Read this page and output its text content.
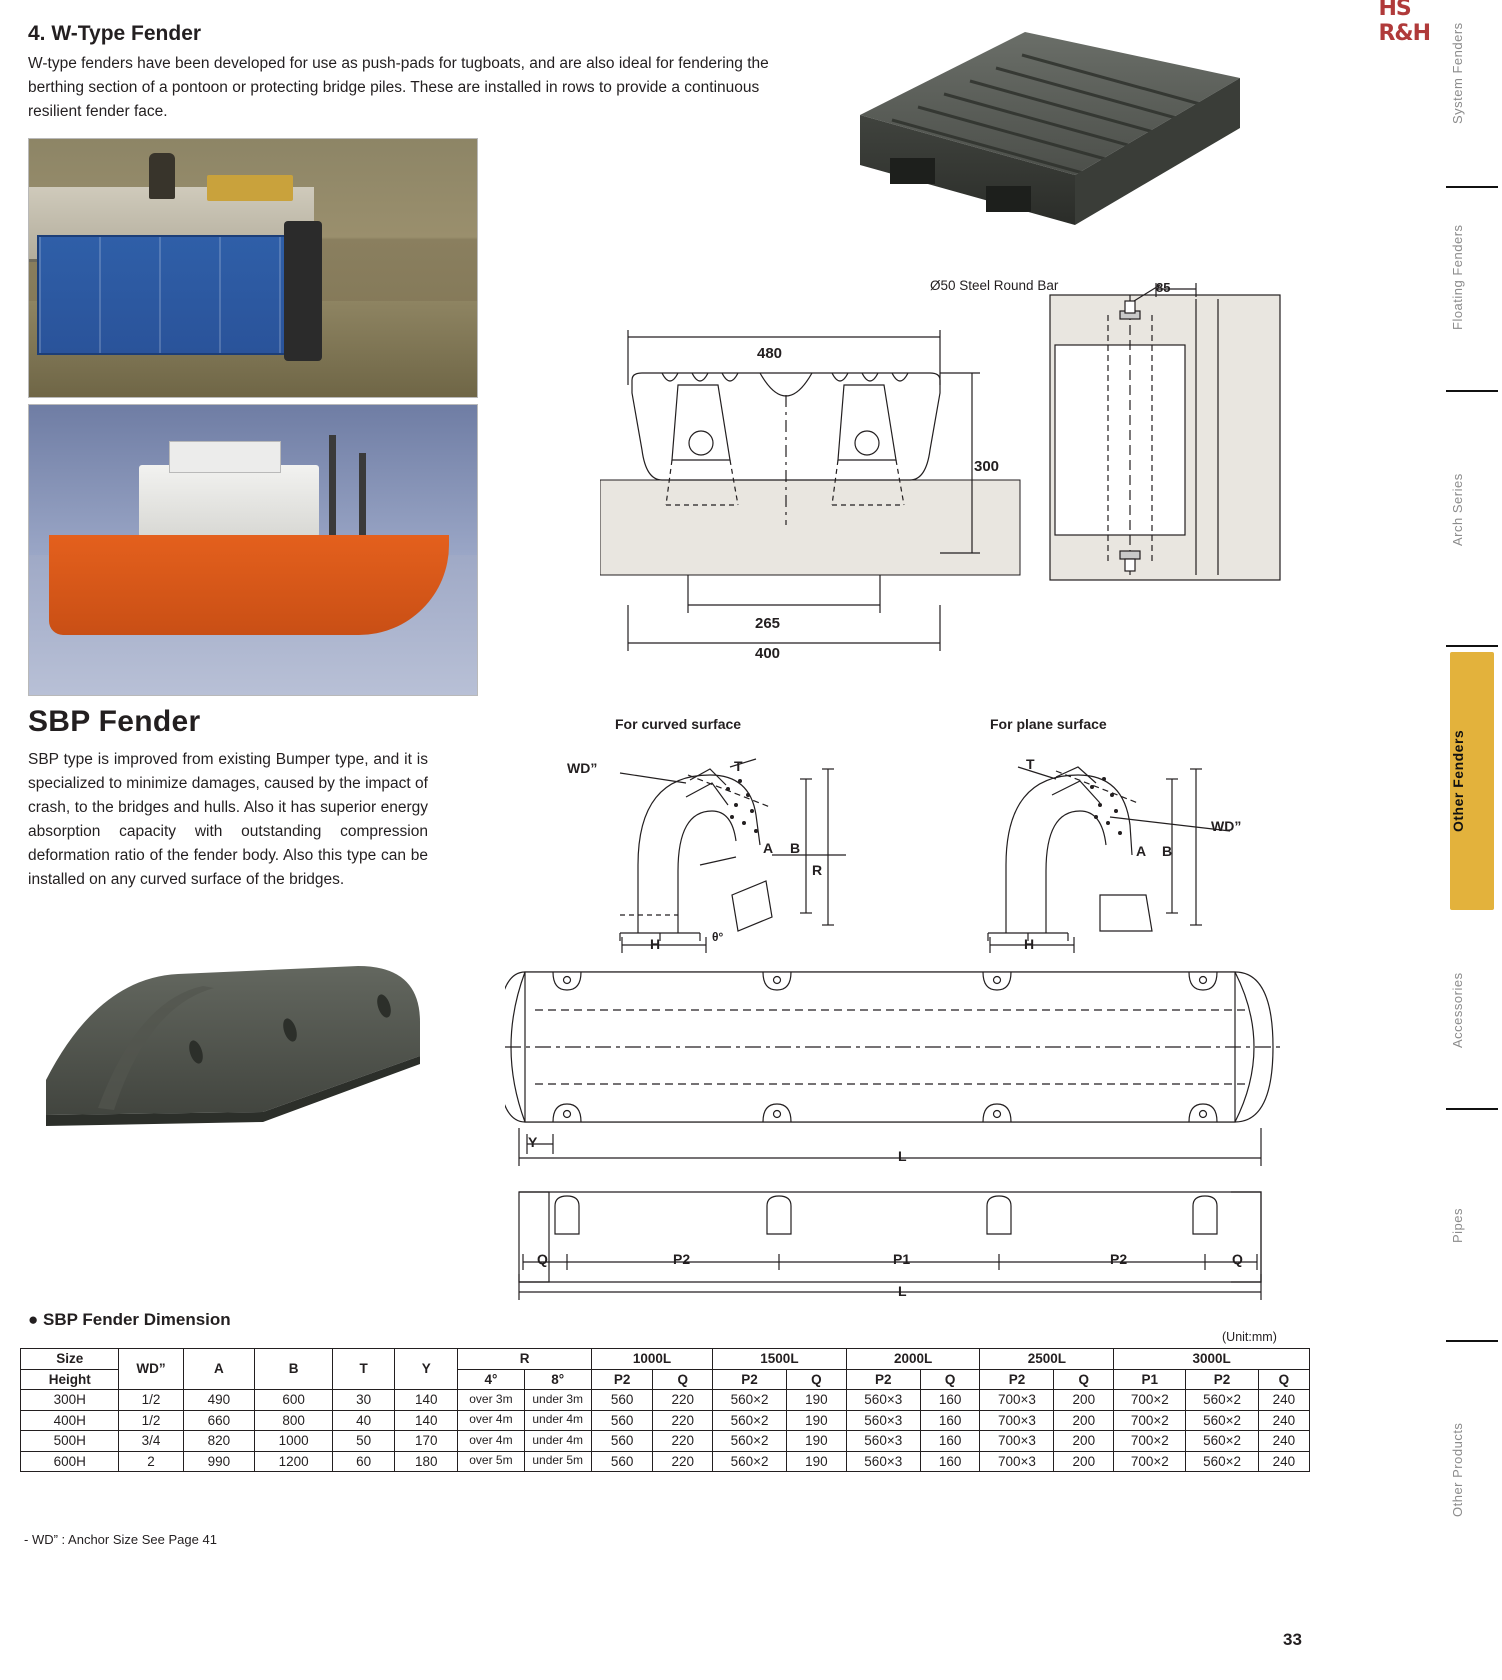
HS R&H System Fenders
Floating Fenders
Arch Series
Other Fenders
Accessories
Pipes
Other Products
4. W-Type Fender
W-type fenders have been developed for use as push-pads for tugboats, and are also ideal for fendering the berthing section of a pontoon or protecting bridge piles. These are installed in rows to provide a continuous resilient fender face.
480
300
265
400
85
Ø50 Steel Round Bar
SBP Fender
SBP type is improved from existing Bumper type, and it is specialized to minimize damages, caused by the impact of crash, to the bridges and hulls. Also it has superior energy absorption capacity with outstanding compression deformation ratio of the fender body. Also this type can be installed on any curved surface of the bridges.
For curved surface	For plane surface
WD”	T
A B
R
H	θ°
T
WD”
A B
H
Y
L
Q	P2	P1	P2	Q
L
● SBP Fender Dimension
(Unit:mm)
Size	WD”	A	B	T	Y	R		1000L		1500L		2000L		2500L		3000L		
Height						4°	8°	P2	Q	P2	Q	P2	Q	P2	Q	P1	P2	Q
300H	1/2	490	600	30	140	over 3m	under 3m	560	220	560×2	190	560×3	160	700×3	200	700×2	560×2	240
400H	1/2	660	800	40	140	over 4m	under 4m	560	220	560×2	190	560×3	160	700×3	200	700×2	560×2	240
500H	3/4	820	1000	50	170	over 4m	under 4m	560	220	560×2	190	560×3	160	700×3	200	700×2	560×2	240
600H	2	990	1200	60	180	over 5m	under 5m	560	220	560×2	190	560×3	160	700×3	200	700×2	560×2	240
- WD” : Anchor Size See Page 41
33
